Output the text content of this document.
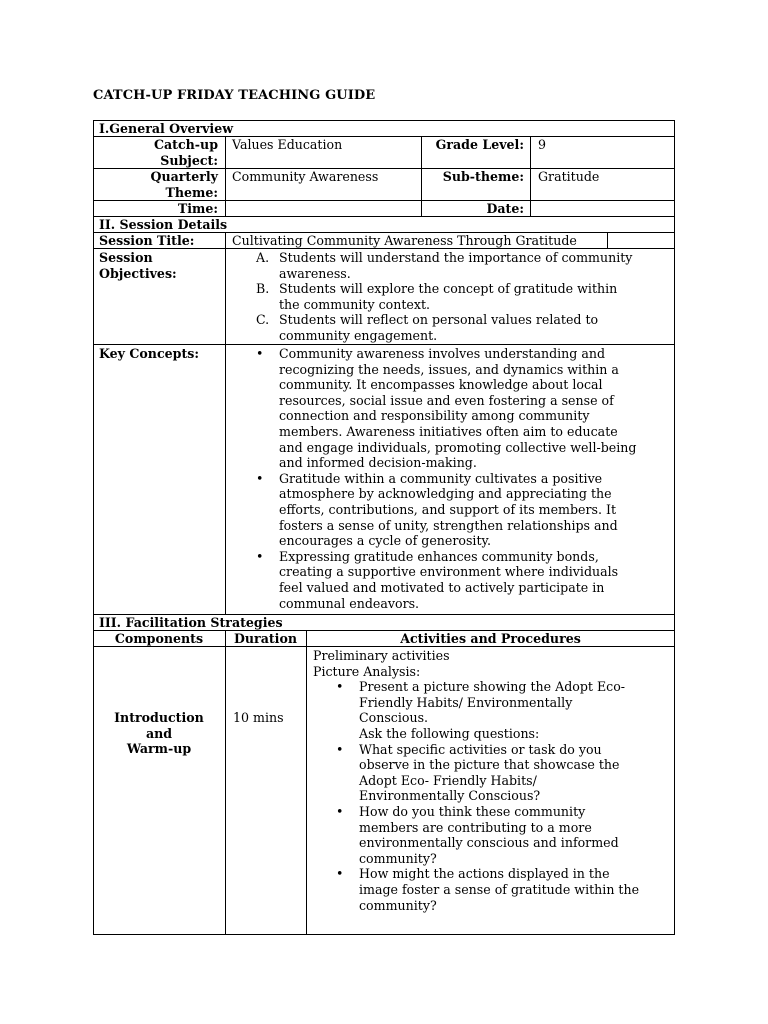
CATCH-UP FRIDAY TEACHING GUIDE
I.General Overview
Catch-up
Subject:
Values Education	Grade Level: 9
Quarterly
Theme:
Community Awareness	Sub-theme: Gratitude
Time:	Date:
II. Session Details
Session Title:	Cultivating Community Awareness Through Gratitude
Session
Objectives:
A. Students will understand the importance of community
awareness.
B. Students will explore the concept of gratitude within
the community context.
C. Students will reflect on personal values related to
community engagement.
Key Concepts:
•	Community awareness involves understanding and
recognizing the needs, issues, and dynamics within a
community. It encompasses knowledge about local
resources, social issue and even fostering a sense of
connection and responsibility among community
members. Awareness initiatives often aim to educate
and engage individuals, promoting collective well-being
and informed decision-making.
• Gratitude within a community cultivates a positive
atmosphere by acknowledging and appreciating the
efforts, contributions, and support of its members. It
fosters a sense of unity, strengthen relationships and
encourages a cycle of generosity.
• Expressing gratitude enhances community bonds,
creating a supportive environment where individuals
feel valued and motivated to actively participate in
communal endeavors.
III. Facilitation Strategies
Components	Duration	Activities and Procedures
Introduction
and
Warm-up
10 mins
Preliminary activities
Picture Analysis:
• Present a picture showing the Adopt Eco-
Friendly Habits/ Environmentally
Conscious.
Ask the following questions:
• What specific activities or task do you
observe in the picture that showcase the
Adopt Eco- Friendly Habits/
Environmentally Conscious?
• How do you think these community
members are contributing to a more
environmentally conscious and informed
community?
• How might the actions displayed in the
image foster a sense of gratitude within the
community?
